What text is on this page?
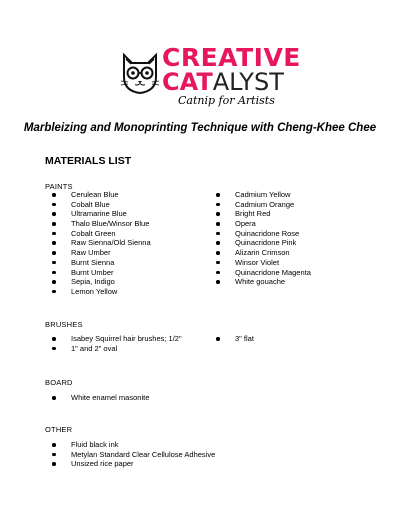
CREATIVE
CATALYST
Catnip for Artists
Marbleizing and Monoprinting Technique with Cheng-Khee Chee
MATERIALS LIST
PAINTS
Cerulean Blue
Cobalt Blue
Ultramarine Blue
Thalo Blue/Winsor Blue
Cobalt Green
Raw Sienna/Old Sienna
Raw Umber
Burnt Sienna
Burnt Umber
Sepia, Indigo
Lemon Yellow
Cadmium Yellow
Cadmium Orange
Bright Red
Opera
Quinacridone Rose
Quinacridone Pink
Alizarin Crimson
Winsor Violet
Quinacridone Magenta
White gouache
BRUSHES
Isabey Squirrel hair brushes; 1/2"
1" and 2" oval
3" flat
BOARD
White enamel masonite
OTHER
Fluid black ink
Metylan Standard Clear Cellulose Adhesive
Unsized rice paper
